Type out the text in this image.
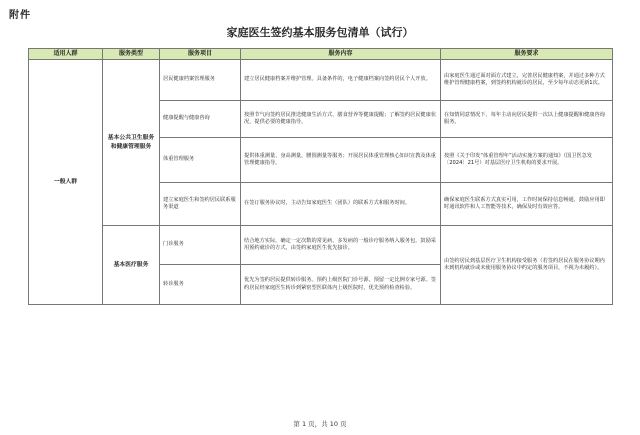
附件
家庭医生签约基本服务包清单（试行）
适用人群	服务类型	服务项目	服务内容	服务要求
一般人群	基本公共卫生服务和健康管理服务	居民健康档案管理服务	建立居民健康档案并维护管理。具备条件的，电子健康档案向签约居民个人开放。	由家庭医生通过面对面方式建立，完善居民健康档案，并通过多种方式维护管理健康档案，到签约机构就诊的居民，至少每年动态更新1次。
		健康提醒与健康咨询	按照节气向签约居民推送健康生活方式、膳食营养等健康提醒；了解签约居民健康状况，提供必要的健康指导。	在知情同意情况下，每年主动向居民提供一次以上健康提醒和健康咨询服务。
		体重管理服务	提供体重测量、身高测量，腰围测量等服务；开展居民体重管理核心知识宣教及体重管理健康指导。	按照《关于印发“体重管理年”活动实施方案的通知》（国卫医急发〔2024〕21号）对基层医疗卫生机构的要求开展。
		建立家庭医生和签约居民联系服务渠道	在签订服务协议时，主动告知家庭医生（团队）的联系方式和服务时间。	确保家庭医生联系方式真实可用，工作时间保持信息畅通，鼓励应用即时通讯软件和人工智能等技术，确保及时有效应答。
	基本医疗服务	门诊服务	结合地方实际，确定一定次数的常见病、多发病的一般诊疗服务纳入服务包。鼓励采用预约就诊的方式，由签约家庭医生优先接诊。	由签约居民到基层医疗卫生机构接受服务（若签约居民在服务协议期内未到机构就诊或未使用服务协议中约定的服务项目，不视为未履约）。
		转诊服务	优先为签约居民提供转诊服务。预约上级医院门诊号源，预留一定比例专家号源。签约居民经家庭医生转诊到紧密型医联体内上级医院时，优先预约检查检验。	
第 1 页，共 10 页
